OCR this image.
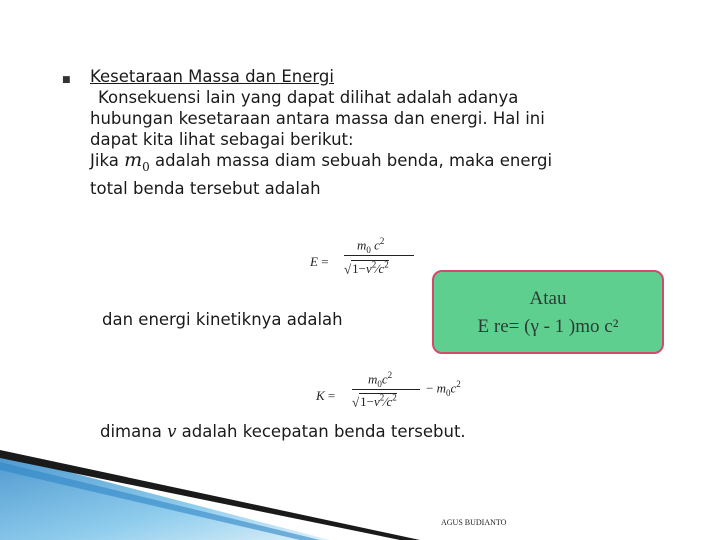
■ Kesetaraan Massa dan Energi

Konsekuensi lain yang dapat dilihat adalah adanya

hubungan kesetaraan antara massa dan energi. Hal ini

dapat kita lihat sebagai berikut:

Jika $m_0$ adalah massa diam sebuah benda, maka energi

total benda tersebut adalah

E =
$m_0$ $c^2$
$√1-v^2∕c^2$

dan energi kinetiknya adalah

Atau
E re= (γ - 1 )mo c²
K =
$m_0c^2$
$√1-v^2∕c^2$
− $m_0c^2$

dimana v adalah kecepatan benda tersebut.

AGUS BUDIANTO
